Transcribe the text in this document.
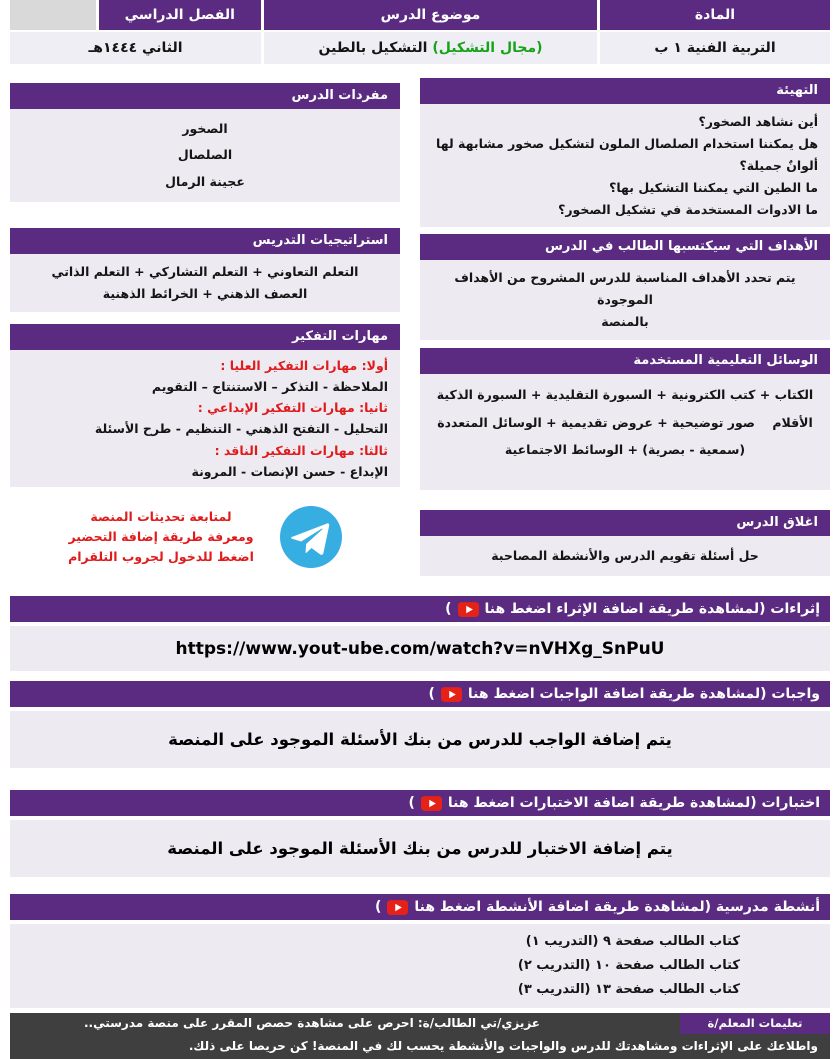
المادة
التربية الفنية ١ ب
موضوع الدرس
(مجال التشكيل) التشكيل بالطين
الفصل الدراسي
الثاني ١٤٤٤هـ
التهيئة
أين نشاهد الصخور؟
هل يمكننا استخدام الصلصال الملون لتشكيل صخور مشابهة لها ألوانٌ جميلة؟
ما الطين التي يمكننا التشكيل بها؟
ما الادوات المستخدمة في تشكيل الصخور؟
الأهداف التي سيكتسبها الطالب في الدرس
يتم تحدد الأهداف المناسبة للدرس المشروح من الأهداف الموجودة
بالمنصة
الوسائل التعليمية المستخدمة
الكتاب + كتب الكترونية + السبورة التقليدية + السبورة الذكية
الأقلام    صور توضيحية + عروض تقديمية + الوسائل المتعددة
(سمعية - بصرية) + الوسائط الاجتماعية
اغلاق الدرس
حل أسئلة تقويم الدرس والأنشطة المصاحبة
مفردات الدرس
الصخور
الصلصال
عجينة الرمال
استراتيجيات التدريس
التعلم التعاوني + التعلم التشاركي + التعلم الذاتي
العصف الذهني + الخرائط الذهنية
مهارات التفكير
أولا: مهارات التفكير العليا :
الملاحظة - التذكر – الاستنتاج – التقويم
ثانيا: مهارات التفكير الإبداعي :
التحليل - التفتح الذهني - التنظيم - طرح الأسئلة
ثالثا: مهارات التفكير الناقد :
الإبداع - حسن الإنصات - المرونة
لمتابعة تحديثات المنصة
ومعرفة طريقة إضافة التحضير
اضغط للدخول لجروب التلقرام
إثراءات (لمشاهدة طريقة اضافة الإثراء اضغط هنا
)
https://www.yout-ube.com/watch?v=nVHXg_SnPuU
واجبات (لمشاهدة طريقة اضافة الواجبات اضغط هنا
)
يتم إضافة الواجب للدرس من بنك الأسئلة الموجود على المنصة
اختبارات (لمشاهدة طريقة اضافة الاختبارات اضغط هنا
)
يتم إضافة الاختبار للدرس من بنك الأسئلة الموجود على المنصة
أنشطة مدرسية (لمشاهدة طريقة اضافة الأنشطة اضغط هنا
)
كتاب الطالب صفحة ٩ (التدريب ١)
كتاب الطالب صفحة ١٠ (التدريب ٢)
كتاب الطالب صفحة ١٣ (التدريب ٣)
تعليمات المعلم/ة
عزيزي/تي الطالب/ة: احرص على مشاهدة حصص المقرر على منصة مدرستي..
واطلاعك على الإثراءات ومشاهدتك للدرس والواجبات والأنشطة يحسب لك في المنصة! كن حريصا على ذلك.
